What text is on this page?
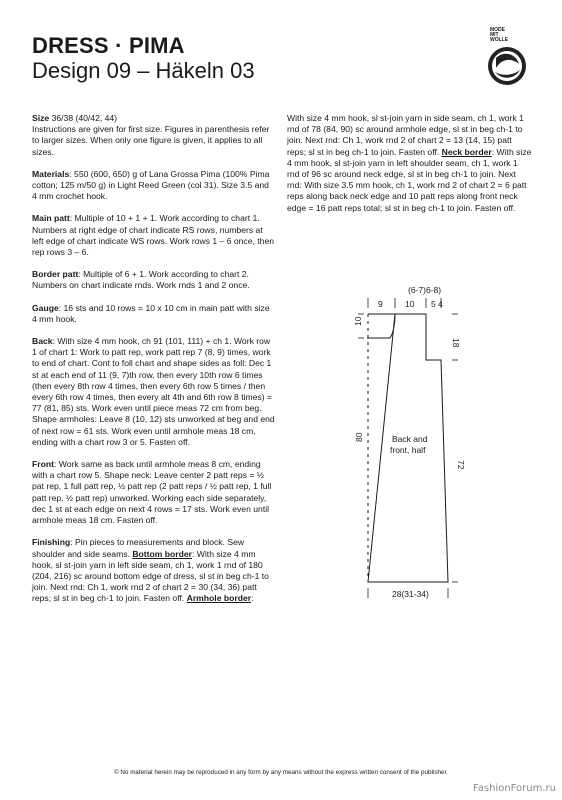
DRESS · PIMA
Design 09 – Häkeln 03
MODE
MIT
WOLLE

Size 36/38 (40/42, 44)
Instructions are given for first size. Figures in parenthesis refer to larger sizes. When only one figure is given, it applies to all sizes.

Materials: 550 (600, 650) g of Lana Grossa Pima (100% Pima cotton; 125 m/50 g) in Light Reed Green (col 31). Size 3.5 and 4 mm crochet hook.

Main patt: Multiple of 10 + 1 + 1. Work according to chart 1. Numbers at right edge of chart indicate RS rows, numbers at left edge of chart indicate WS rows. Work rows 1 – 6 once, then rep rows 3 – 6.

Border patt: Multiple of 6 + 1. Work according to chart 2. Numbers on chart indicate rnds. Work rnds 1 and 2 once.

Gauge: 16 sts and 10 rows = 10 x 10 cm in main patt with size 4 mm hook.

Back: With size 4 mm hook, ch 91 (101, 111) + ch 1. Work row 1 of chart 1: Work to patt rep, work patt rep 7 (8, 9) times, work to end of chart. Cont to foll chart and shape sides as foll: Dec 1 st at each end of 11 (9, 7)th row, then every 10th row 6 times (then every 8th row 4 times, then every 6th row 5 times / then every 6th row 4 times, then every alt 4th and 6th row 8 times) = 77 (81, 85) sts. Work even until piece meas 72 cm from beg. Shape armholes: Leave 8 (10, 12) sts unworked at beg and end of next row = 61 sts. Work even until armhole meas 18 cm, ending with a chart row 3 or 5. Fasten off.

Front: Work same as back until armhole meas 8 cm, ending with a chart row 5. Shape neck: Leave center 2 patt reps = ½ pat rep, 1 full patt rep, ½ patt rep (2 patt reps / ½ patt rep, 1 full patt rep, ½ patt rep) unworked. Working each side separately, dec 1 st at each edge on next 4 rows = 17 sts. Work even until armhole meas 18 cm. Fasten off.

Finishing: Pin pieces to measurements and block. Sew shoulder and side seams. Bottom border: With size 4 mm hook, sl st-join yarn in left side seam, ch 1, work 1 rnd of 180 (204, 216) sc around bottom edge of dress, sl st in beg ch-1 to join. Next rnd: Ch 1, work rnd 2 of chart 2 = 30 (34, 36) patt reps; sl st in beg ch-1 to join. Fasten off. Armhole border:

With size 4 mm hook, sl st-join yarn in side seam, ch 1, work 1 rnd of 78 (84, 90) sc around armhole edge, sl st in beg ch-1 to join. Next rnd: Ch 1, work rnd 2 of chart 2 = 13 (14, 15) patt reps; sl st in beg ch-1 to join. Fasten off. Neck border: With size 4 mm hook, sl st-join yarn in left shoulder seam, ch 1, work 1 rnd of 96 sc around neck edge, sl st in beg ch-1 to join. Next rnd: With size 3.5 mm hook, ch 1, work rnd 2 of chart 2 = 6 patt reps along back neck edge and 10 patt reps along front neck edge = 16 patt reps total; sl st in beg ch-1 to join. Fasten off.

(6-7)6-8)
9	10 5 4
10
80
18
72
Back and
front, half
28(31-34)
© No material herein may be reproduced in any form by any means without the express written consent of the publisher.
FashionForum.ru
